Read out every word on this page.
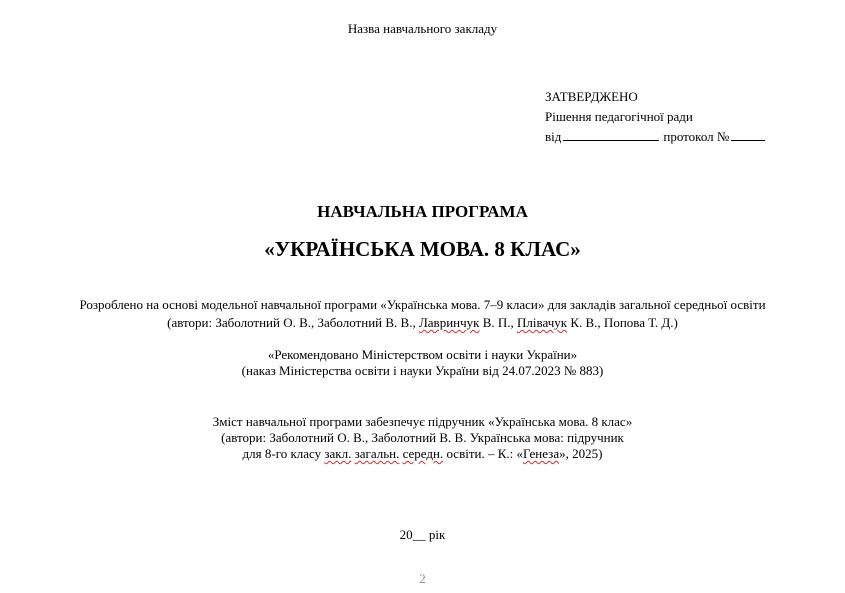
Назва навчального закладу
ЗАТВЕРДЖЕНО
Рішення педагогічної ради
від	протокол №
НАВЧАЛЬНА ПРОГРАМА
«УКРАЇНСЬКА МОВА. 8 КЛАС»
Розроблено на основі модельної навчальної програми «Українська мова. 7–9 класи» для закладів загальної середньої освіти
(автори: Заболотний О. В., Заболотний В. В., Лавринчук В. П., Плівачук К. В., Попова Т. Д.)
«Рекомендовано Міністерством освіти і науки України»
(наказ Міністерства освіти і науки України від 24.07.2023 № 883)
Зміст навчальної програми забезпечує підручник «Українська мова. 8 клас»
(автори: Заболотний О. В., Заболотний В. В. Українська мова: підручник
для 8-го класу закл. загальн. середн. освіти. – К.: «Генеза», 2025)
20__ рік
2
